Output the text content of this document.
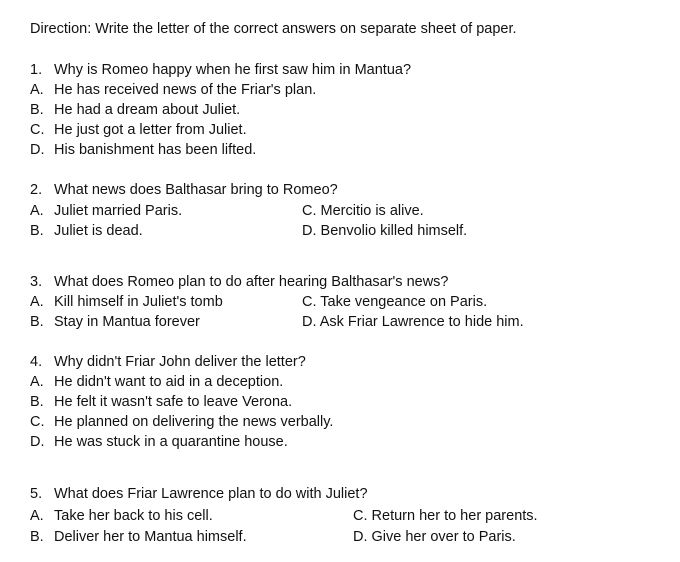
Direction: Write the letter of the correct answers on separate sheet of paper.
1. Why is Romeo happy when he first saw him in Mantua?
A. He has received news of the Friar's plan.
B. He had a dream about Juliet.
C. He just got a letter from Juliet.
D. His banishment has been lifted.
2. What news does Balthasar bring to Romeo?
A. Juliet married Paris.
B. Juliet is dead.
C. Mercitio is alive.
D. Benvolio killed himself.
3. What does Romeo plan to do after hearing Balthasar's news?
A. Kill himself in Juliet's tomb
B. Stay in Mantua forever
C. Take vengeance on Paris.
D. Ask Friar Lawrence to hide him.
4. Why didn't Friar John deliver the letter?
A. He didn't want to aid in a deception.
B. He felt it wasn't safe to leave Verona.
C. He planned on delivering the news verbally.
D. He was stuck in a quarantine house.
5. What does Friar Lawrence plan to do with Juliet?
A. Take her back to his cell.
B. Deliver her to Mantua himself.
C. Return her to her parents.
D. Give her over to Paris.
